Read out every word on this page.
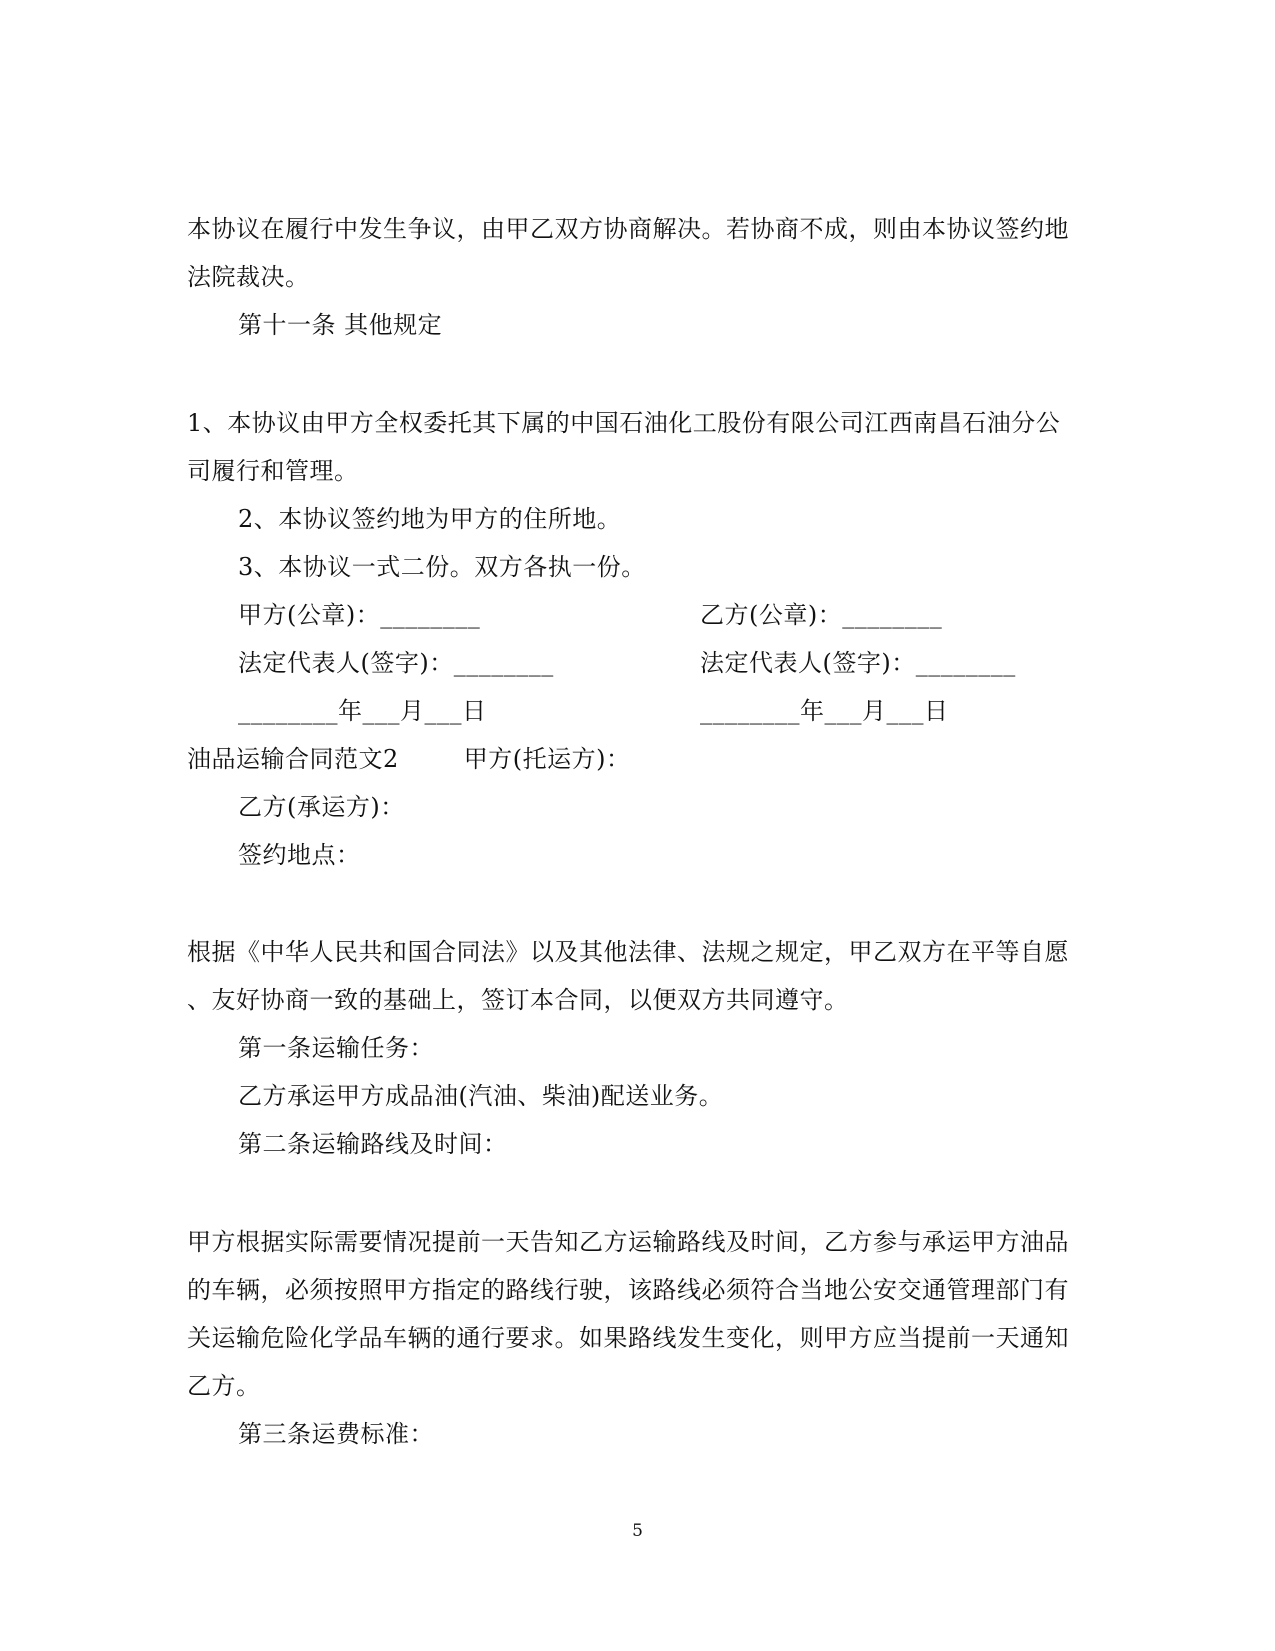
本协议在履行中发生争议，由甲乙双方协商解决。若协商不成，则由本协议签约地
法院裁决。
第十一条 其他规定
1、本协议由甲方全权委托其下属的中国石油化工股份有限公司江西南昌石油分公
司履行和管理。
2、本协议签约地为甲方的住所地。
3、本协议一式二份。双方各执一份。
甲方(公章)：________	乙方(公章)：________
法定代表人(签字)：________	法定代表人(签字)：________
________年___月___日	________年___月___日
油品运输合同范文2        甲方(托运方)：
乙方(承运方)：
签约地点：
根据《中华人民共和国合同法》以及其他法律、法规之规定，甲乙双方在平等自愿
、友好协商一致的基础上，签订本合同，以便双方共同遵守。
第一条运输任务：
乙方承运甲方成品油(汽油、柴油)配送业务。
第二条运输路线及时间：
甲方根据实际需要情况提前一天告知乙方运输路线及时间，乙方参与承运甲方油品
的车辆，必须按照甲方指定的路线行驶，该路线必须符合当地公安交通管理部门有
关运输危险化学品车辆的通行要求。如果路线发生变化，则甲方应当提前一天通知
乙方。
第三条运费标准：
5
